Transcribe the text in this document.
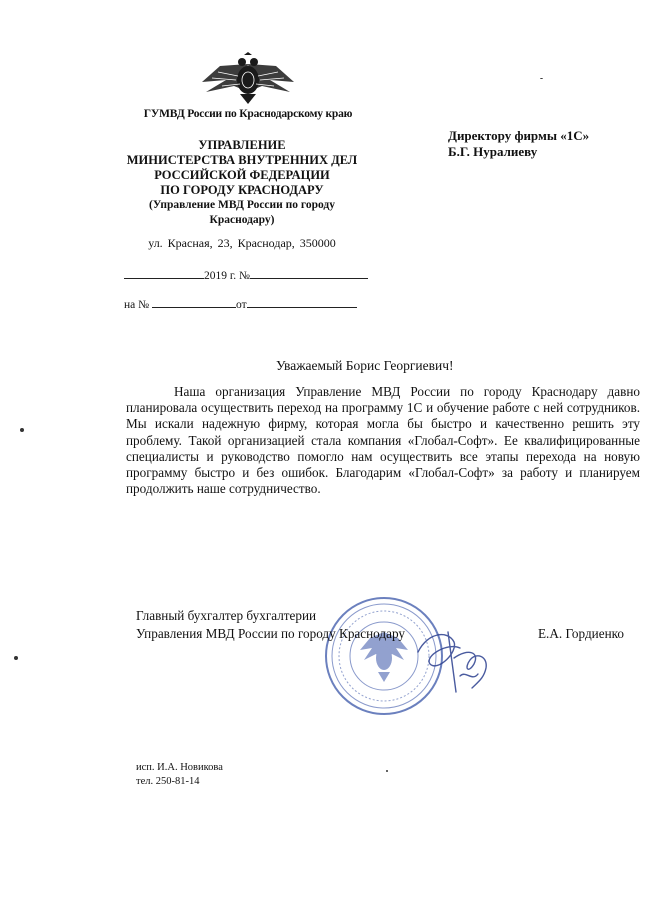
ГУМВД России по Краснодарскому краю
УПРАВЛЕНИЕ
МИНИСТЕРСТВА ВНУТРЕННИХ ДЕЛ
РОССИЙСКОЙ ФЕДЕРАЦИИ
ПО ГОРОДУ КРАСНОДАРУ
(Управление МВД России по городу
Краснодару)
ул. Красная, 23, Краснодар, 350000
2019 г. №
на №	от
Директору фирмы «1С»
Б.Г. Нуралиеву
Уважаемый Борис Георгиевич!

Наша организация Управление МВД России по городу Краснодару давно планировала осуществить переход на программу 1С и обучение работе с ней сотрудников. Мы искали надежную фирму, которая могла бы быстро и качественно решить эту проблему. Такой организацией стала компания «Глобал-Софт». Ее квалифицированные специалисты и руководство помогло нам осуществить все этапы перехода на новую программу быстро и без ошибок. Благодарим «Глобал-Софт» за работу и планируем продолжить наше сотрудничество.

Главный бухгалтер бухгалтерии
Управления МВД России по городу Краснодару	Е.А. Гордиенко
исп. И.А. Новикова
тел. 250-81-14
